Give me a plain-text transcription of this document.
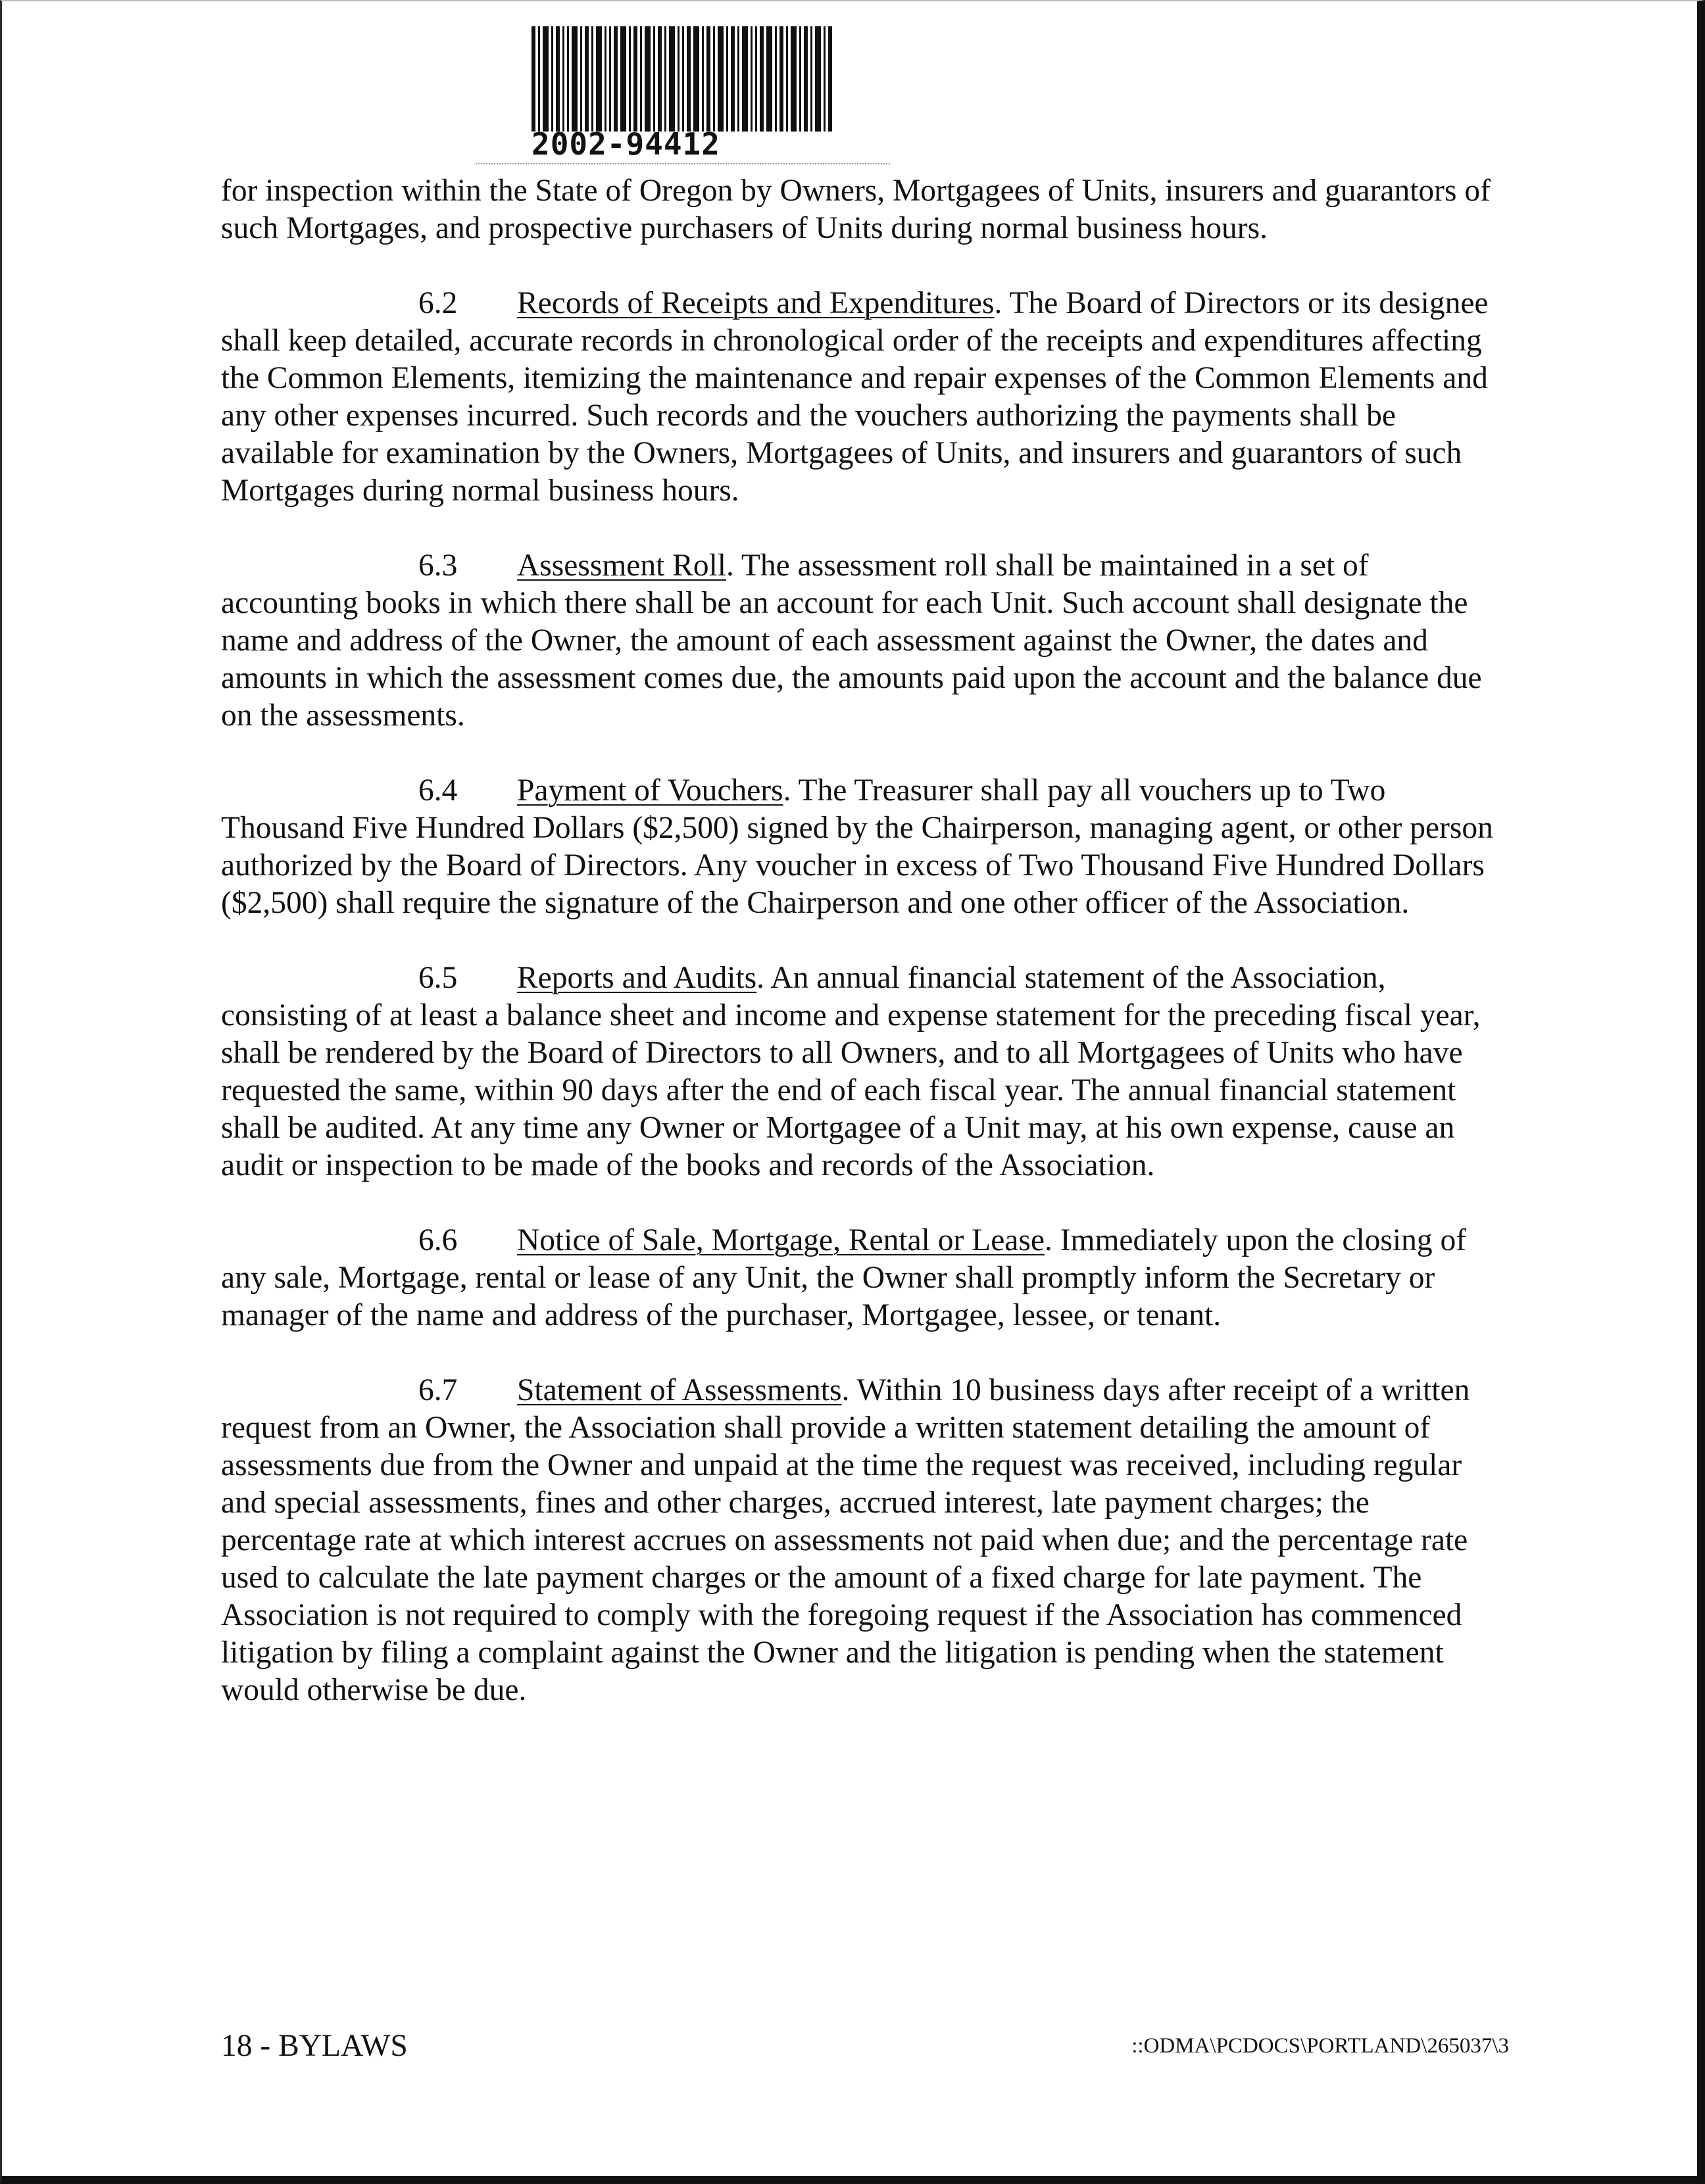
2002-94412

for inspection within the State of Oregon by Owners, Mortgagees of Units, insurers and guarantors of such Mortgages, and prospective purchasers of Units during normal business hours.

6.2 Records of Receipts and Expenditures. The Board of Directors or its designee shall keep detailed, accurate records in chronological order of the receipts and expenditures affecting the Common Elements, itemizing the maintenance and repair expenses of the Common Elements and any other expenses incurred. Such records and the vouchers authorizing the payments shall be available for examination by the Owners, Mortgagees of Units, and insurers and guarantors of such Mortgages during normal business hours.

6.3 Assessment Roll. The assessment roll shall be maintained in a set of accounting books in which there shall be an account for each Unit. Such account shall designate the name and address of the Owner, the amount of each assessment against the Owner, the dates and amounts in which the assessment comes due, the amounts paid upon the account and the balance due on the assessments.

6.4 Payment of Vouchers. The Treasurer shall pay all vouchers up to Two Thousand Five Hundred Dollars ($2,500) signed by the Chairperson, managing agent, or other person authorized by the Board of Directors. Any voucher in excess of Two Thousand Five Hundred Dollars ($2,500) shall require the signature of the Chairperson and one other officer of the Association.

6.5 Reports and Audits. An annual financial statement of the Association, consisting of at least a balance sheet and income and expense statement for the preceding fiscal year, shall be rendered by the Board of Directors to all Owners, and to all Mortgagees of Units who have requested the same, within 90 days after the end of each fiscal year. The annual financial statement shall be audited. At any time any Owner or Mortgagee of a Unit may, at his own expense, cause an audit or inspection to be made of the books and records of the Association.

6.6 Notice of Sale, Mortgage, Rental or Lease. Immediately upon the closing of any sale, Mortgage, rental or lease of any Unit, the Owner shall promptly inform the Secretary or manager of the name and address of the purchaser, Mortgagee, lessee, or tenant.

6.7 Statement of Assessments. Within 10 business days after receipt of a written request from an Owner, the Association shall provide a written statement detailing the amount of assessments due from the Owner and unpaid at the time the request was received, including regular and special assessments, fines and other charges, accrued interest, late payment charges; the percentage rate at which interest accrues on assessments not paid when due; and the percentage rate used to calculate the late payment charges or the amount of a fixed charge for late payment. The Association is not required to comply with the foregoing request if the Association has commenced litigation by filing a complaint against the Owner and the litigation is pending when the statement would otherwise be due.

18 - BYLAWS	::ODMA\PCDOCS\PORTLAND\265037\3
